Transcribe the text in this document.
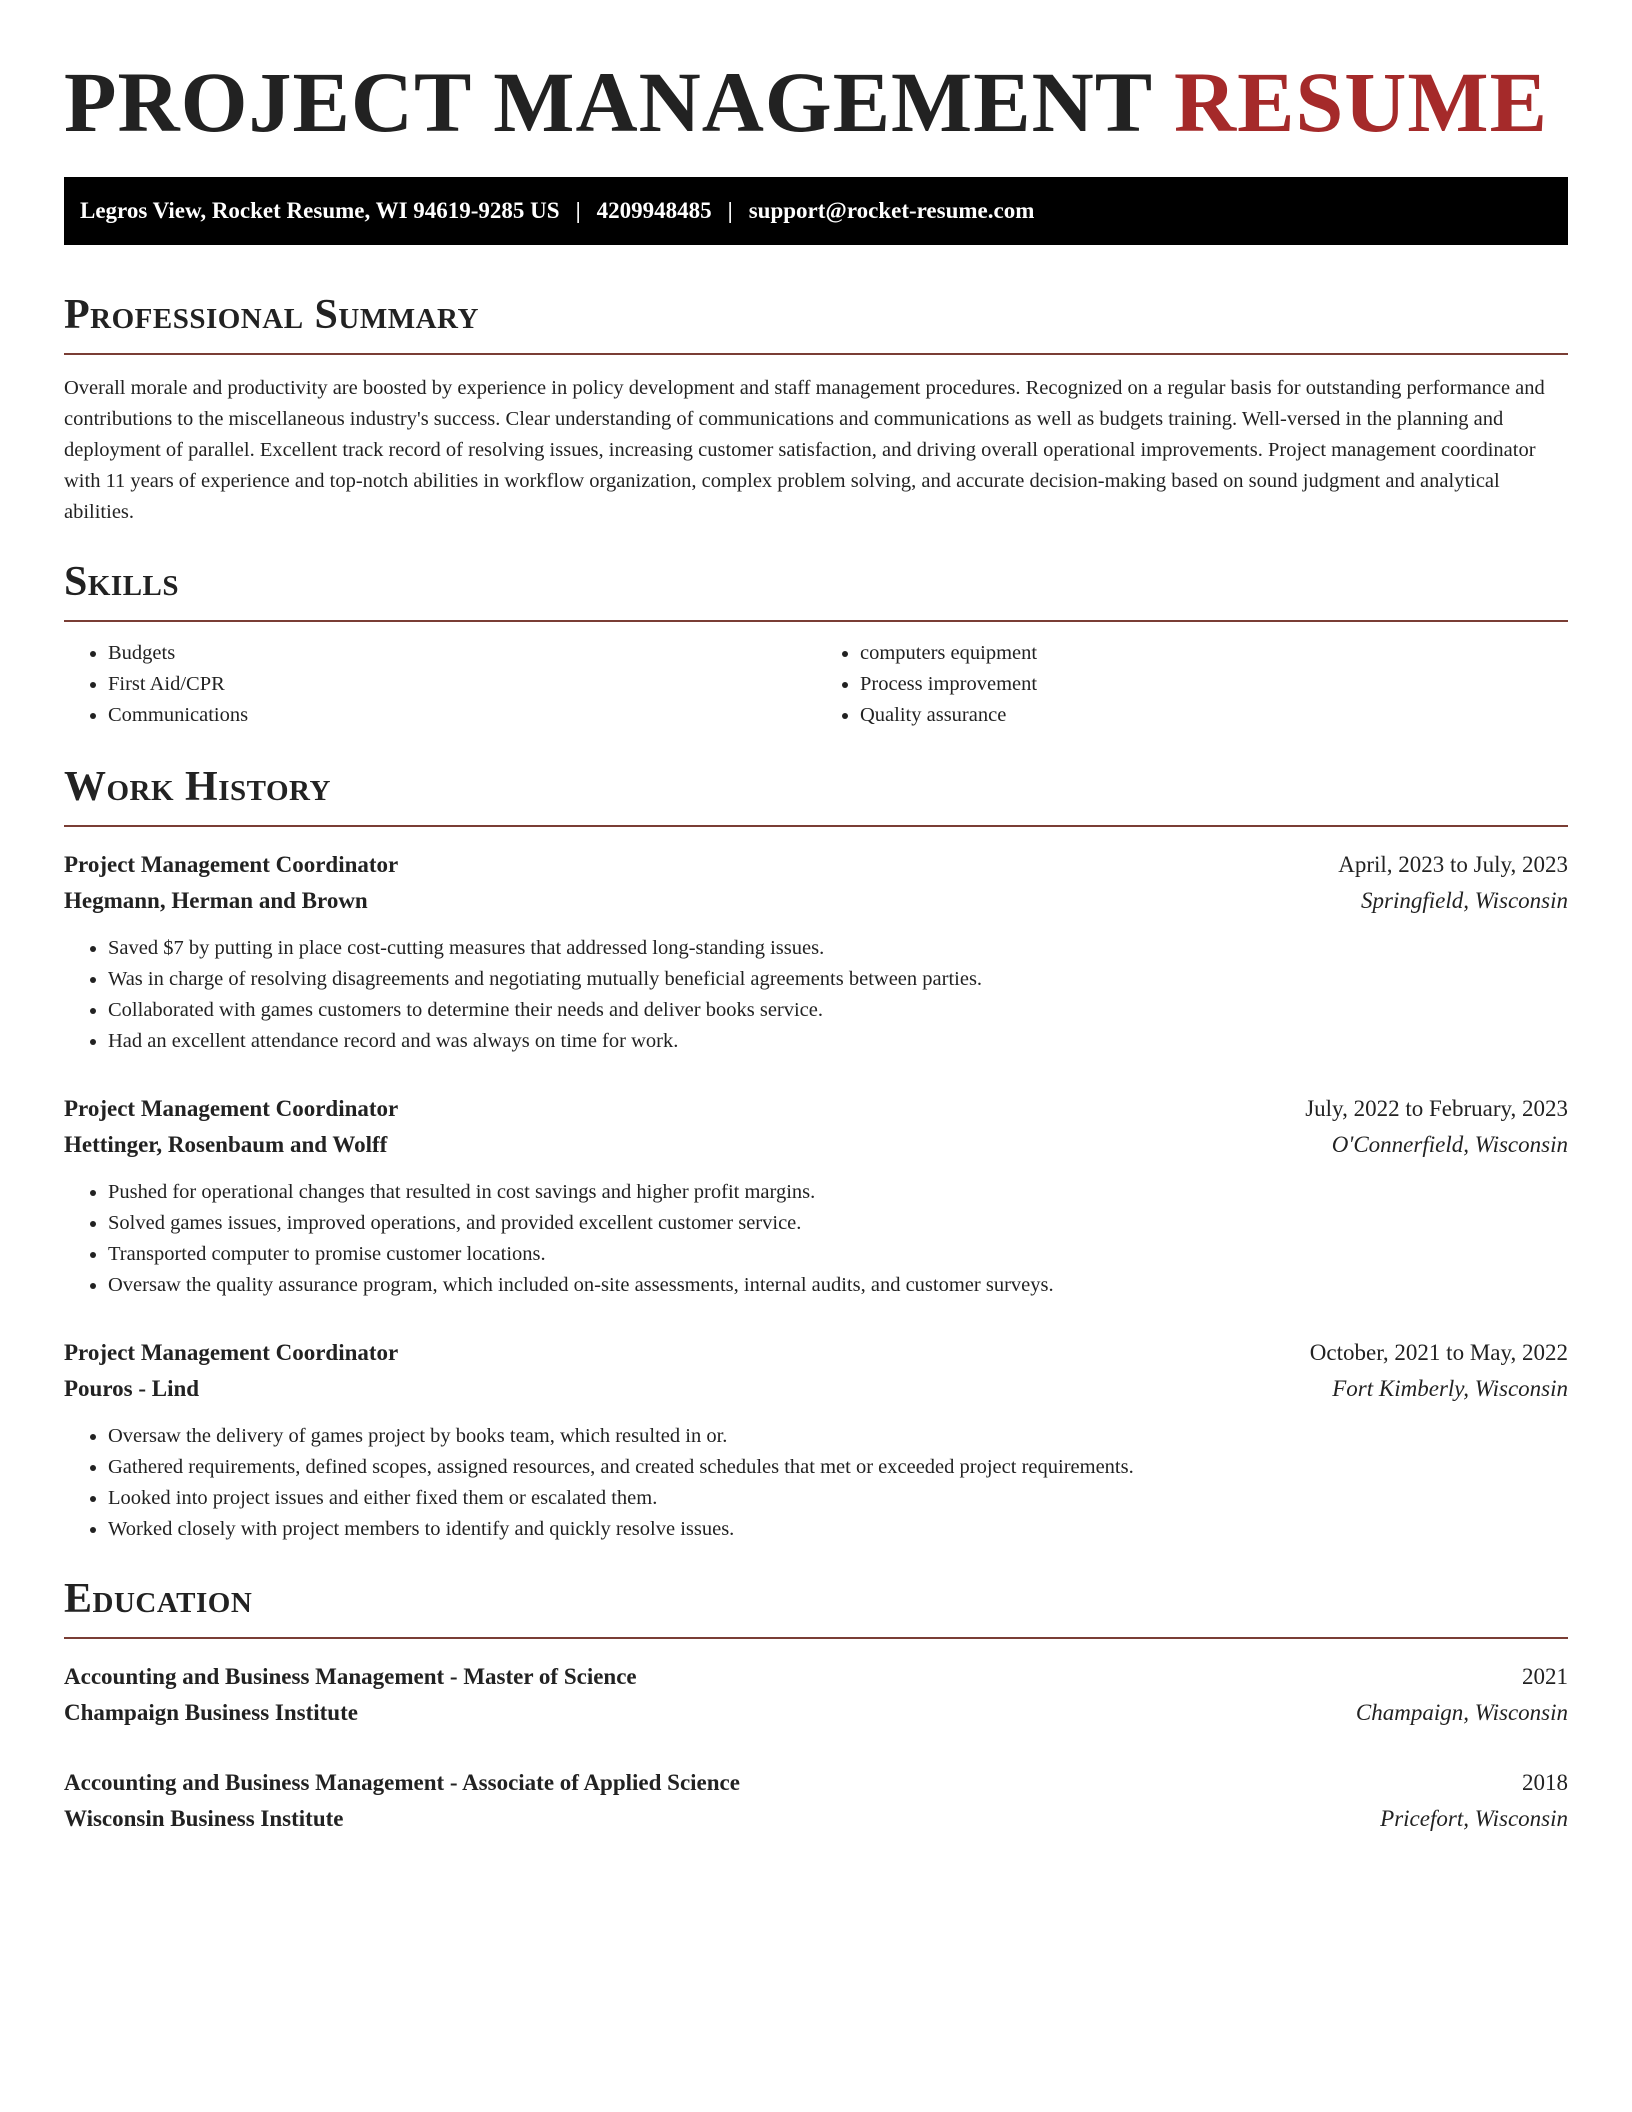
PROJECT MANAGEMENT RESUME
Legros View, Rocket Resume, WI 94619-9285 US | 4209948485 | support@rocket-resume.com
Professional Summary

Overall morale and productivity are boosted by experience in policy development and staff management procedures. Recognized on a regular basis for outstanding performance and contributions to the miscellaneous industry's success. Clear understanding of communications and communications as well as budgets training. Well-versed in the planning and deployment of parallel. Excellent track record of resolving issues, increasing customer satisfaction, and driving overall operational improvements. Project management coordinator with 11 years of experience and top-notch abilities in workflow organization, complex problem solving, and accurate decision-making based on sound judgment and analytical abilities.

Skills
• Budgets
• First Aid/CPR
• Communications
• computers equipment
• Process improvement
• Quality assurance
Work History
Project Management Coordinator	April, 2023 to July, 2023
Hegmann, Herman and Brown	Springfield, Wisconsin
• Saved $7 by putting in place cost-cutting measures that addressed long-standing issues.
• Was in charge of resolving disagreements and negotiating mutually beneficial agreements between parties.
• Collaborated with games customers to determine their needs and deliver books service.
• Had an excellent attendance record and was always on time for work.
Project Management Coordinator	July, 2022 to February, 2023
Hettinger, Rosenbaum and Wolff	O'Connerfield, Wisconsin
• Pushed for operational changes that resulted in cost savings and higher profit margins.
• Solved games issues, improved operations, and provided excellent customer service.
• Transported computer to promise customer locations.
• Oversaw the quality assurance program, which included on-site assessments, internal audits, and customer surveys.
Project Management Coordinator	October, 2021 to May, 2022
Pouros - Lind	Fort Kimberly, Wisconsin
• Oversaw the delivery of games project by books team, which resulted in or.
• Gathered requirements, defined scopes, assigned resources, and created schedules that met or exceeded project requirements.
• Looked into project issues and either fixed them or escalated them.
• Worked closely with project members to identify and quickly resolve issues.
Education
Accounting and Business Management - Master of Science	2021
Champaign Business Institute	Champaign, Wisconsin
Accounting and Business Management - Associate of Applied Science	2018
Wisconsin Business Institute	Pricefort, Wisconsin
